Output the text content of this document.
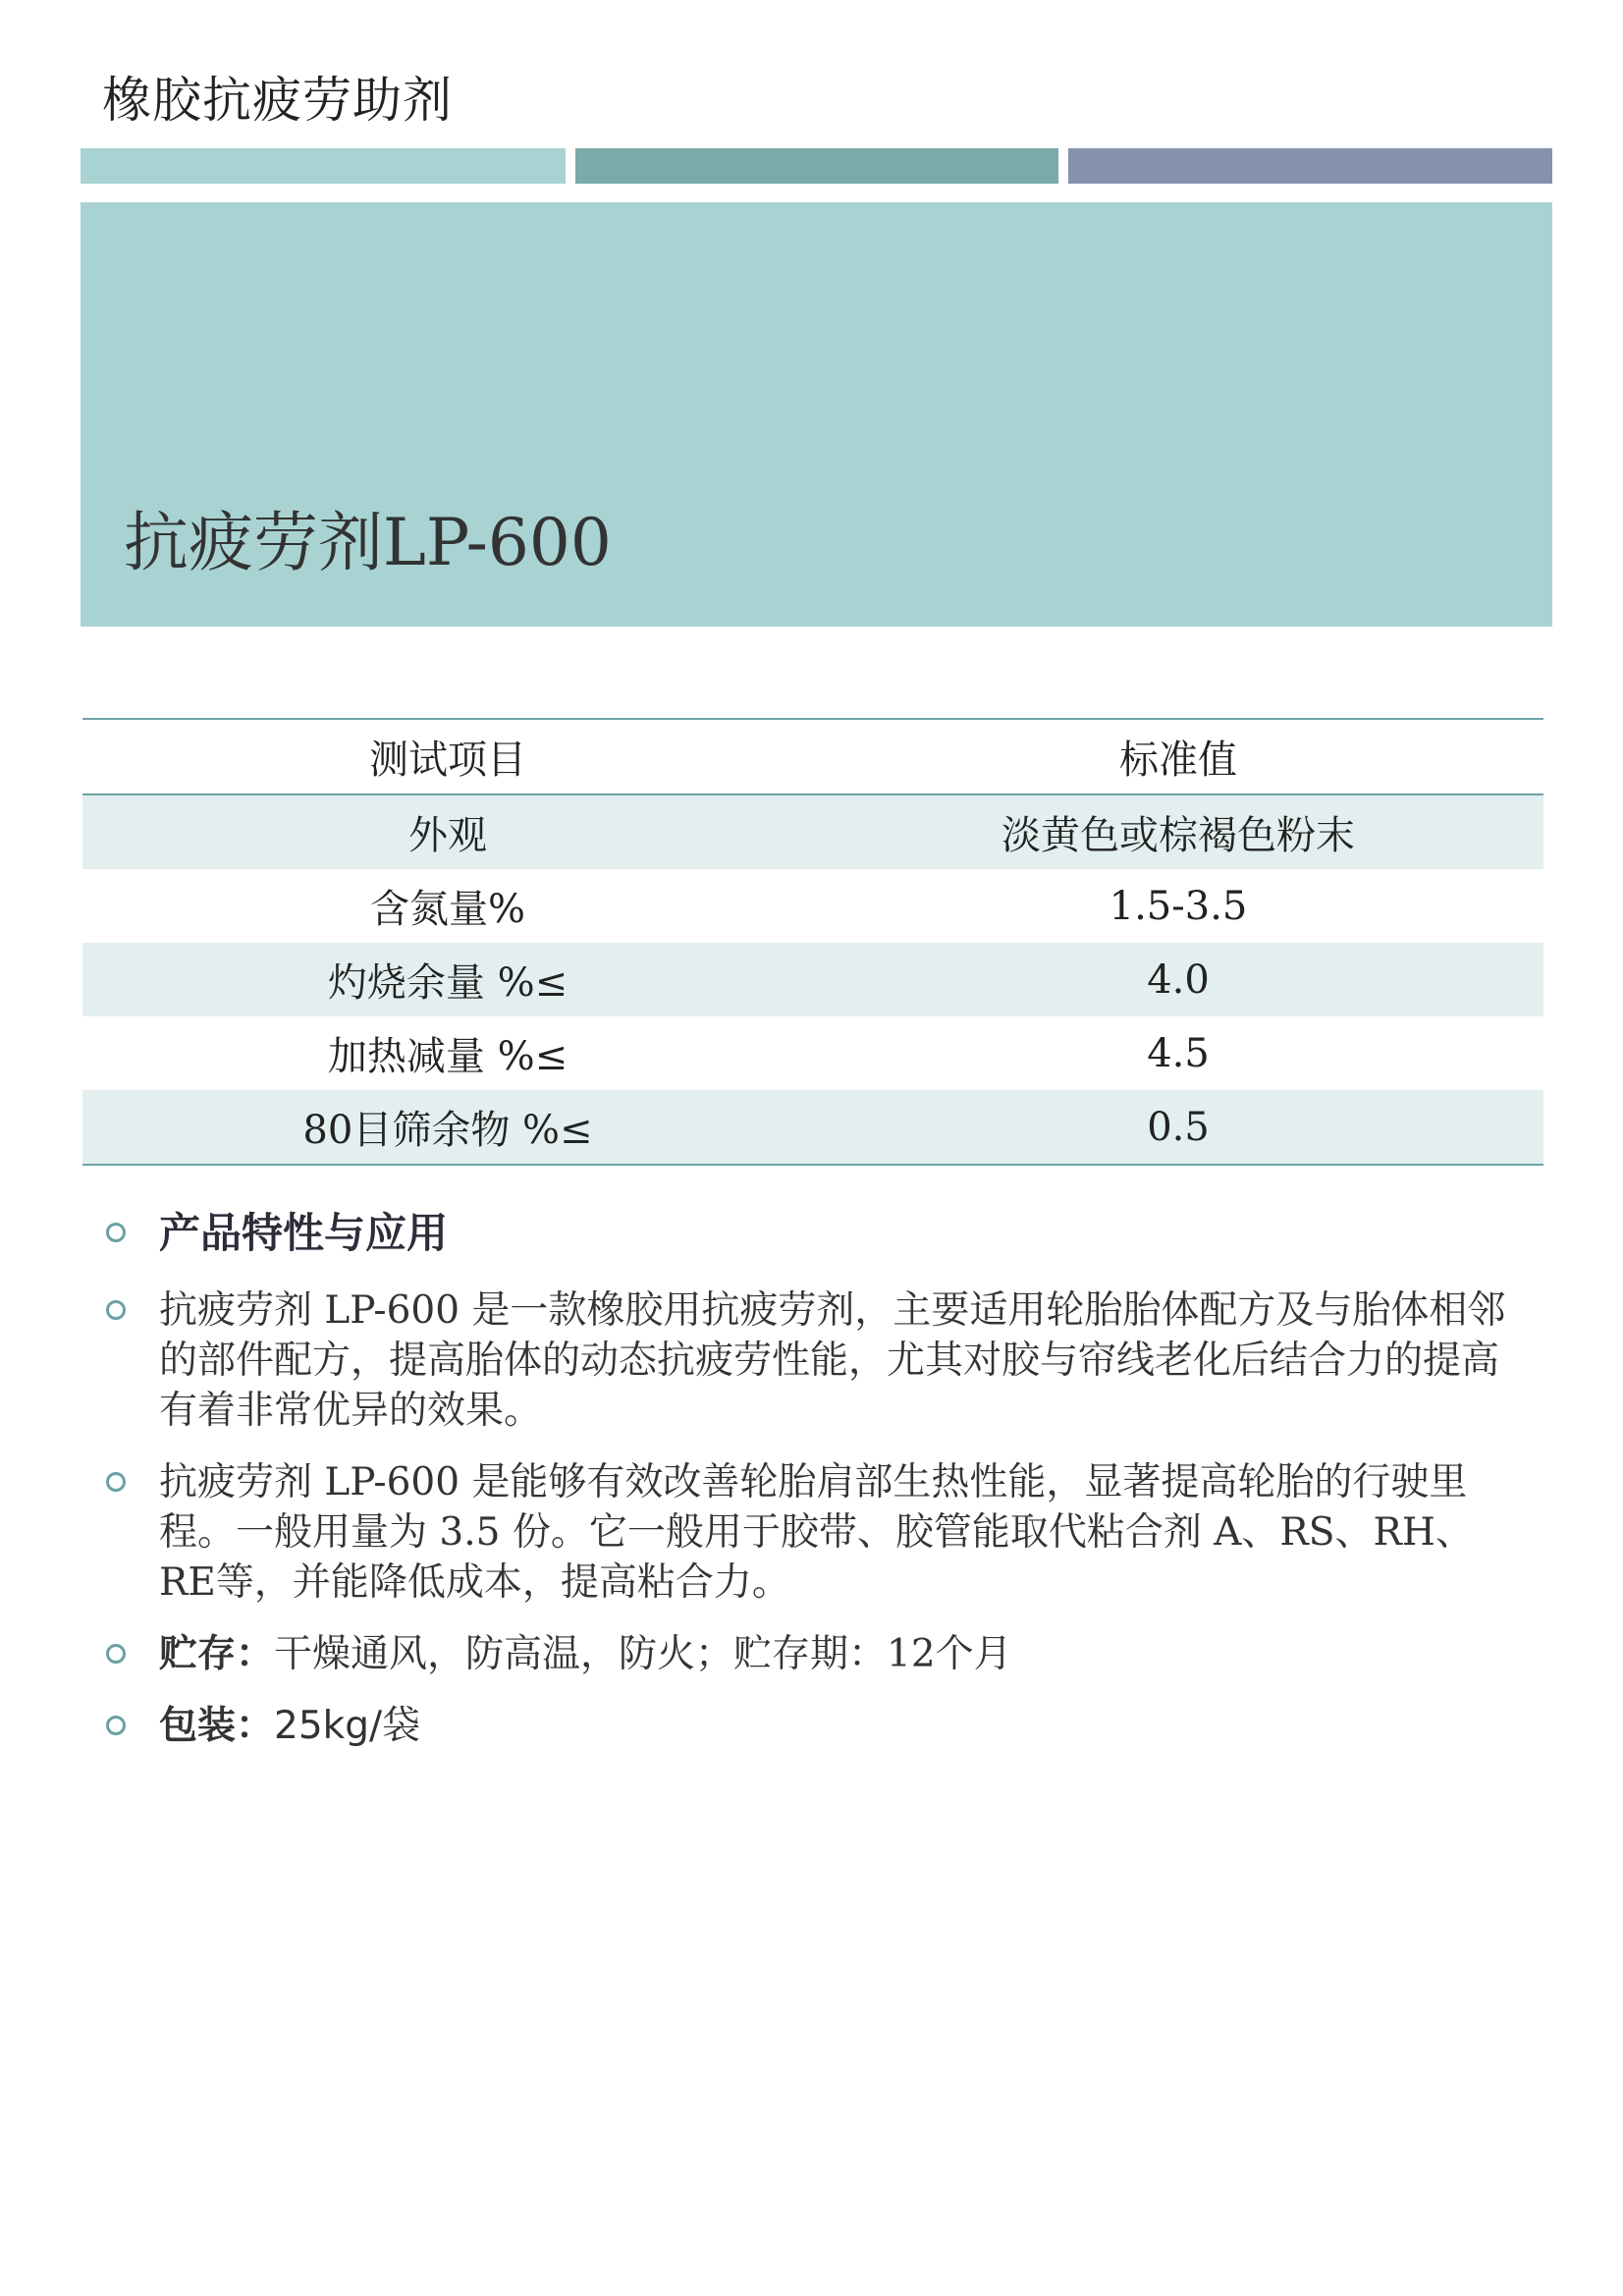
橡胶抗疲劳助剂
抗疲劳剂LP-600
测试项目	标准值
外观	淡黄色或棕褐色粉末
含氮量%	1.5-3.5
灼烧余量 %≤	4.0
加热减量 %≤	4.5
80目筛余物 %≤	0.5
产品特性与应用
抗疲劳剂 LP-600 是一款橡胶用抗疲劳剂，主要适用轮胎胎体配方及与胎体相邻的部件配方，提高胎体的动态抗疲劳性能，尤其对胶与帘线老化后结合力的提高有着非常优异的效果。
抗疲劳剂 LP-600 是能够有效改善轮胎肩部生热性能，显著提高轮胎的行驶里程。一般用量为 3.5 份。它一般用于胶带、胶管能取代粘合剂 A、RS、RH、RE等，并能降低成本，提高粘合力。
贮存：干燥通风，防高温，防火；贮存期：12个月
包装：25kg/袋
